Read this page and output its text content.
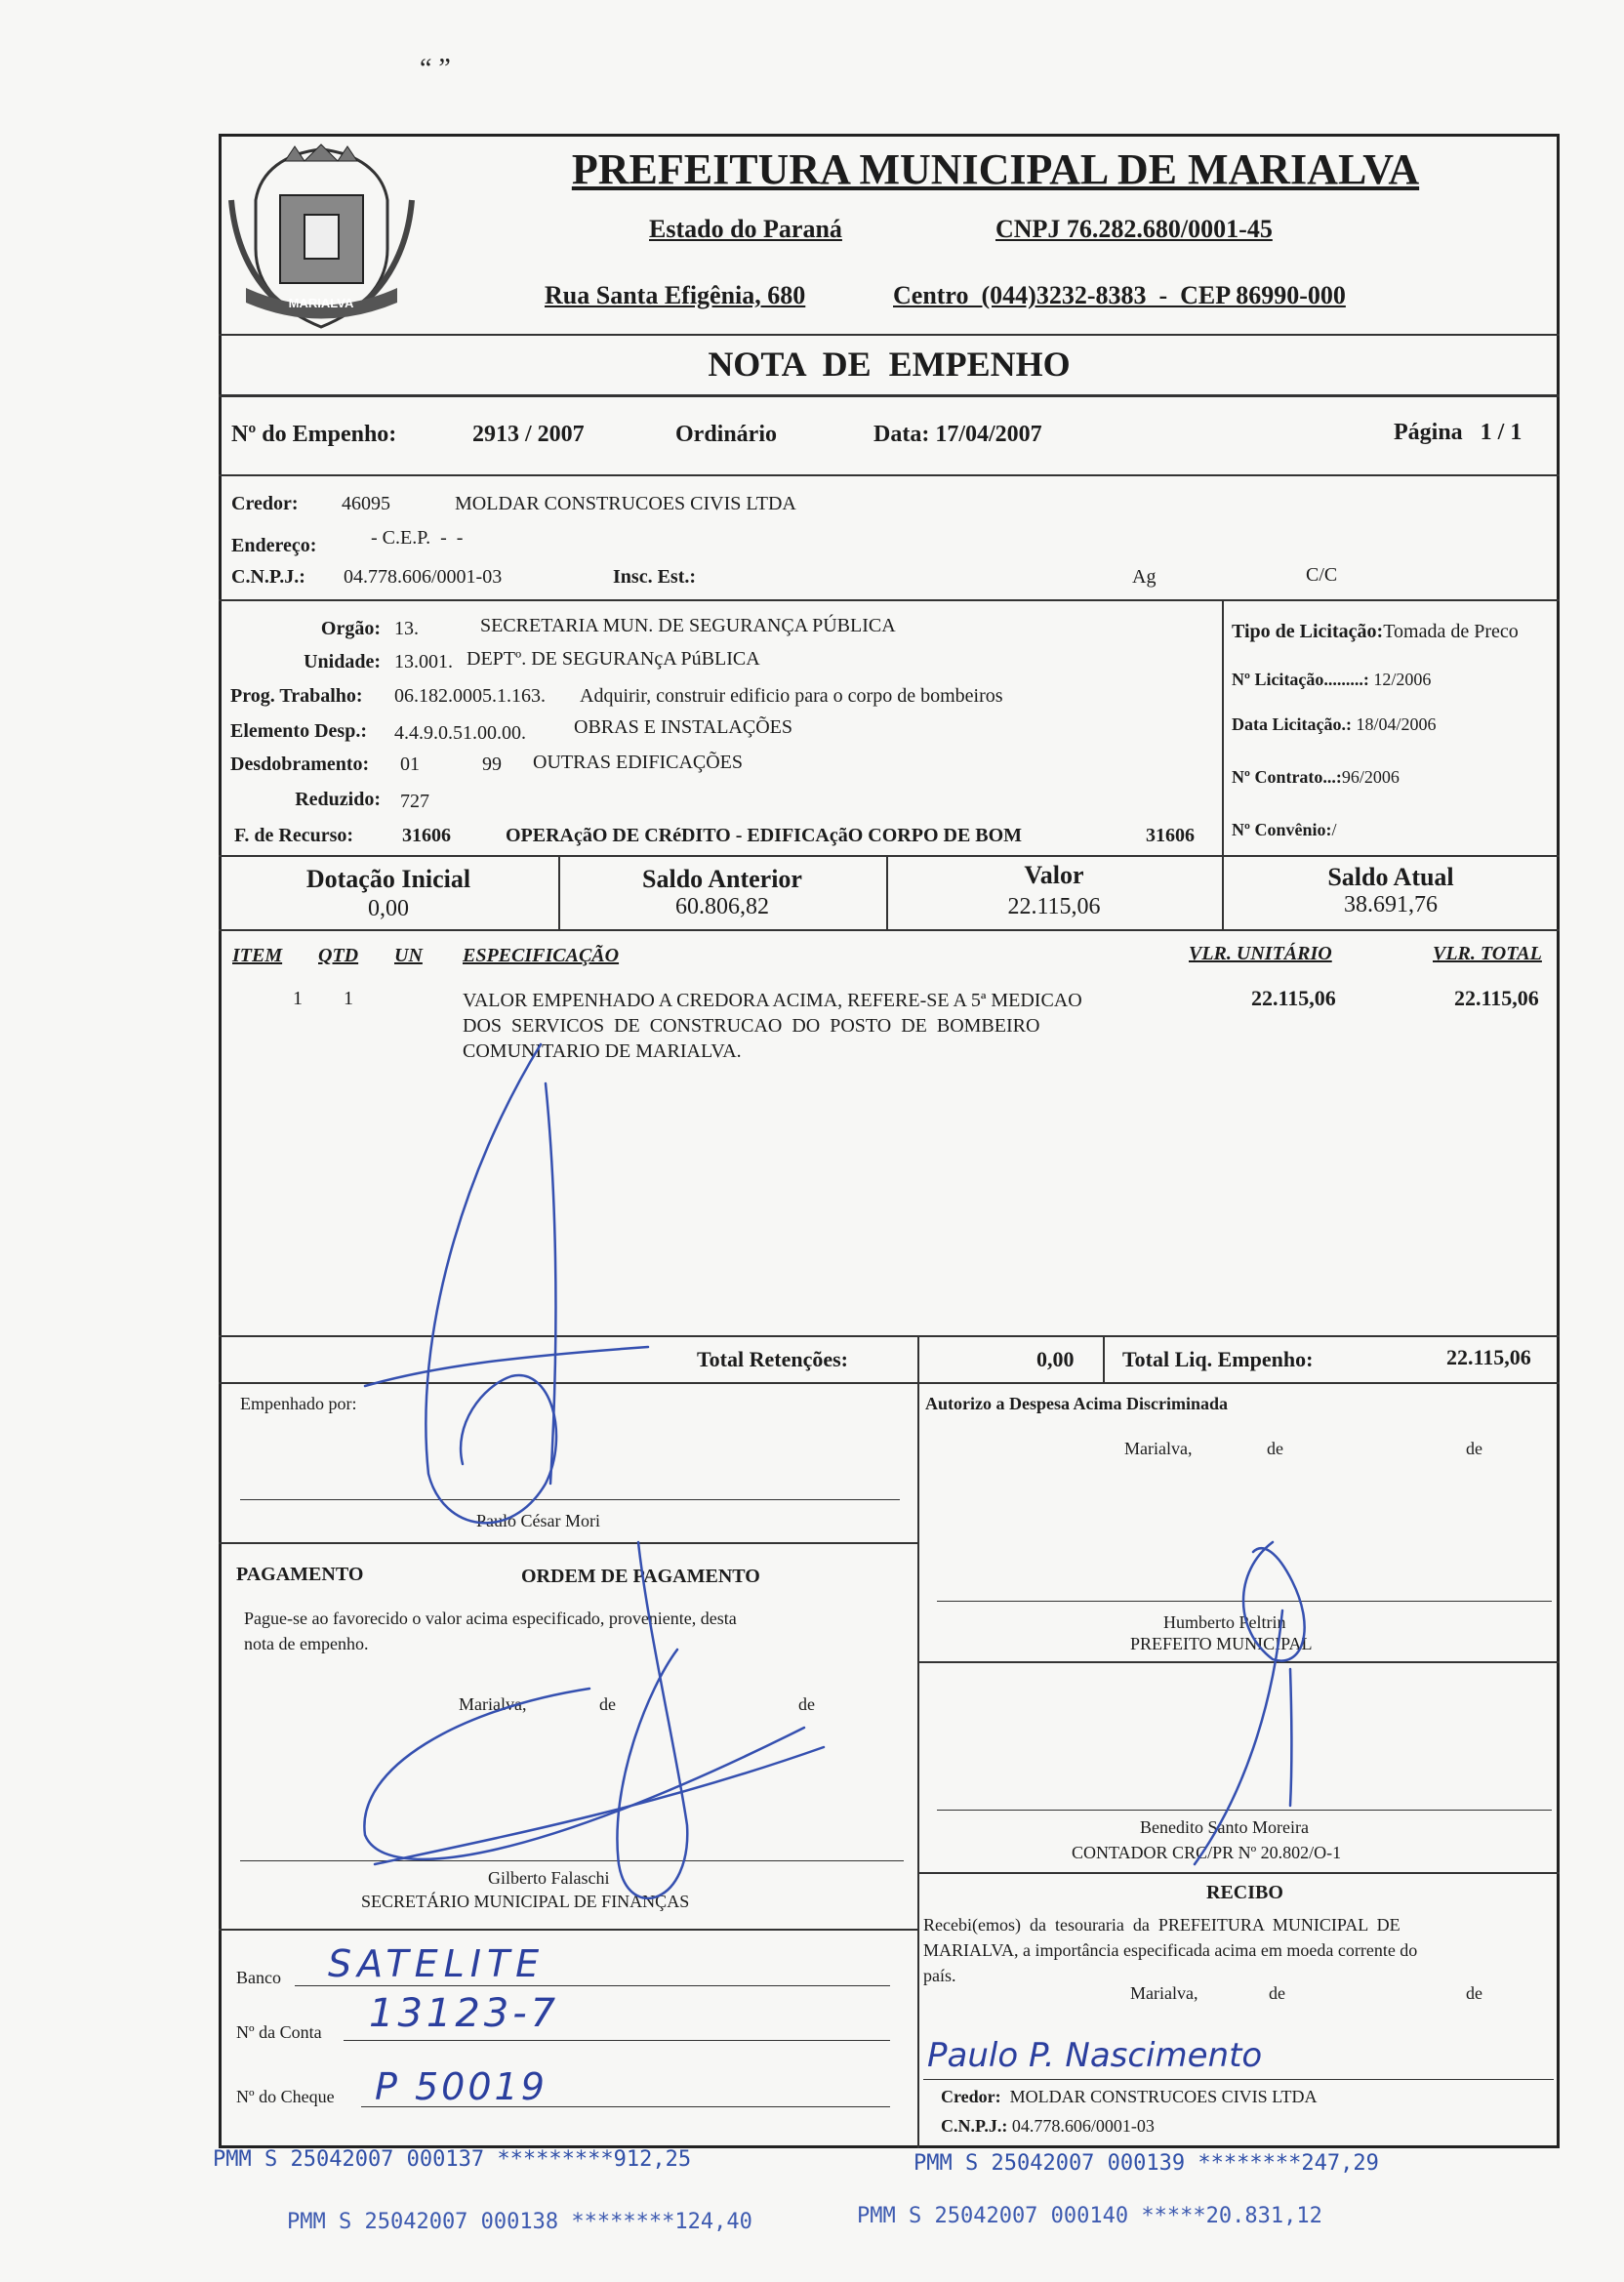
MARIALVA
PREFEITURA MUNICIPAL DE MARIALVA
Estado do Paraná	CNPJ 76.282.680/0001-45
Rua Santa Efigênia, 680	Centro  (044)3232-8383  -  CEP 86990-000
NOTA  DE  EMPENHO
Nº do Empenho:	2913 / 2007	Ordinário	Data: 17/04/2007	Página   1 / 1
Credor: 46095	MOLDAR CONSTRUCOES CIVIS LTDA
Endereço:	- C.E.P.  -  -
C.N.P.J.: 04.778.606/0001-03	Insc. Est.:	Ag	C/C
Orgão: 13.	SECRETARIA MUN. DE SEGURANÇA PÚBLICA
Unidade: 13.001. DEPTº. DE SEGURANçA PúBLICA
Prog. Trabalho: 06.182.0005.1.163. Adquirir, construir edificio para o corpo de bombeiros
Elemento Desp.: 4.4.9.0.51.00.00. OBRAS E INSTALAÇÕES
Desdobramento: 01	99 OUTRAS EDIFICAÇÕES
Reduzido: 727
F. de Recurso: 31606	OPERAçãO DE CRéDITO - EDIFICAçãO CORPO DE BOM	31606
Tipo de Licitação:Tomada de Preco
Nº Licitação.........: 12/2006
Data Licitação.: 18/04/2006
Nº Contrato...:96/2006
Nº Convênio:/
Dotação Inicial
0,00
Saldo Anterior
60.806,82
Valor
22.115,06
Saldo Atual
38.691,76
ITEM QTD UN ESPECIFICAÇÃO	VLR. UNITÁRIO	VLR. TOTAL
1 1	VALOR EMPENHADO A CREDORA ACIMA, REFERE-SE A 5ª MEDICAO
DOS  SERVICOS  DE  CONSTRUCAO  DO  POSTO  DE  BOMBEIRO
COMUNITARIO DE MARIALVA.
22.115,06	22.115,06
Total Retenções:	0,00 Total Liq. Empenho:	22.115,06
Empenhado por:
Paulo César Mori
PAGAMENTO	ORDEM DE PAGAMENTO
Pague-se ao favorecido o valor acima especificado, proveniente, desta
nota de empenho.
Marialva,	de	de
Gilberto Falaschi
SECRETÁRIO MUNICIPAL DE FINANÇAS
Banco SATELITE
Nº da Conta 13123-7
Nº do Cheque P 50019
Autorizo a Despesa Acima Discriminada
Marialva,	de	de
Humberto Peltrin
PREFEITO MUNICIPAL
Benedito Santo Moreira
CONTADOR CRC/PR Nº 20.802/O-1
RECIBO
Recebi(emos)  da  tesouraria  da  PREFEITURA  MUNICIPAL  DE
MARIALVA, a importância especificada acima em moeda corrente do
país.
Marialva,	de	de
Paulo P. Nascimento
Credor: MOLDAR CONSTRUCOES CIVIS LTDA
C.N.P.J.: 04.778.606/0001-03
PMM S 25042007 000137 *********912,25	PMM S 25042007 000139 ********247,29
PMM S 25042007 000138 ********124,40	PMM S 25042007 000140 *****20.831,12
“ ”
